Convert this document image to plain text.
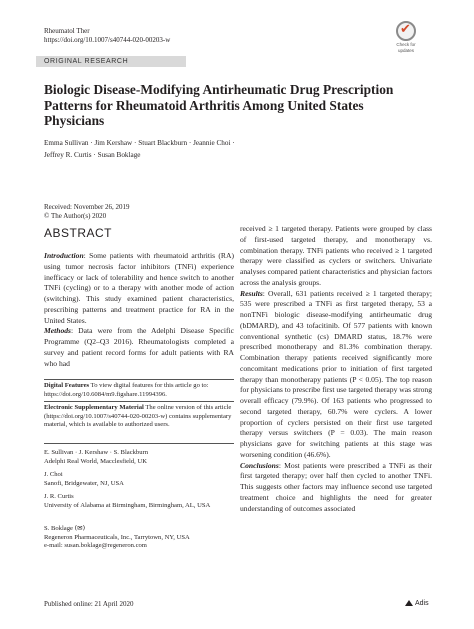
Rheumatol Ther
https://doi.org/10.1007/s40744-020-00203-w
✔
Check for
updates
ORIGINAL RESEARCH
Biologic Disease-Modifying Antirheumatic Drug Prescription Patterns for Rheumatoid Arthritis Among United States Physicians
Emma Sullivan · Jim Kershaw · Stuart Blackburn · Jeannie Choi ·
Jeffrey R. Curtis · Susan Boklage
Received: November 26, 2019
© The Author(s) 2020
ABSTRACT

Introduction: Some patients with rheumatoid arthritis (RA) using tumor necrosis factor inhibitors (TNFi) experience inefficacy or lack of tolerability and hence switch to another TNFi (cycling) or to a therapy with another mode of action (switching). This study examined patient characteristics, prescribing patterns and treatment practice for RA in the United States.

Methods: Data were from the Adelphi Disease Specific Programme (Q2–Q3 2016). Rheumatologists completed a survey and patient record forms for adult patients with RA who had

Digital Features To view digital features for this article go to: https://doi.org/10.6084/m9.figshare.11994396.
Electronic Supplementary Material The online version of this article (https://doi.org/10.1007/s40744-020-00203-w) contains supplementary material, which is available to authorized users.
E. Sullivan · J. Kershaw · S. Blackburn
Adelphi Real World, Macclesfield, UK
J. Choi
Sanofi, Bridgewater, NJ, USA
J. R. Curtis
University of Alabama at Birmingham, Birmingham, AL, USA
S. Boklage (✉)
Regeneron Pharmaceuticals, Inc., Tarrytown, NY, USA
e-mail: susan.boklage@regeneron.com

received ≥ 1 targeted therapy. Patients were grouped by class of first-used targeted therapy, and monotherapy vs. combination therapy. TNFi patients who received ≥ 1 targeted therapy were classified as cyclers or switchers. Univariate analyses compared patient characteristics and physician factors across the analysis groups.

Results: Overall, 631 patients received ≥ 1 targeted therapy; 535 were prescribed a TNFi as first targeted therapy, 53 a nonTNFi biologic disease-modifying antirheumatic drug (bDMARD), and 43 tofacitinib. Of 577 patients with known conventional synthetic (cs) DMARD status, 18.7% were prescribed monotherapy and 81.3% combination therapy. Combination therapy patients received significantly more concomitant medications prior to initiation of first targeted therapy than monotherapy patients (P < 0.05). The top reason for physicians to prescribe first use targeted therapy was strong overall efficacy (79.9%). Of 163 patients who progressed to second targeted therapy, 60.7% were cyclers. A lower proportion of cyclers persisted on their first use targeted therapy versus switchers (P = 0.03). The main reason physicians gave for switching patients at this stage was worsening condition (46.6%).

Conclusions: Most patients were prescribed a TNFi as their first targeted therapy; over half then cycled to another TNFi. This suggests other factors may influence second use targeted treatment choice and highlights the need for greater understanding of outcomes associated

Published online: 21 April 2020	Adis
